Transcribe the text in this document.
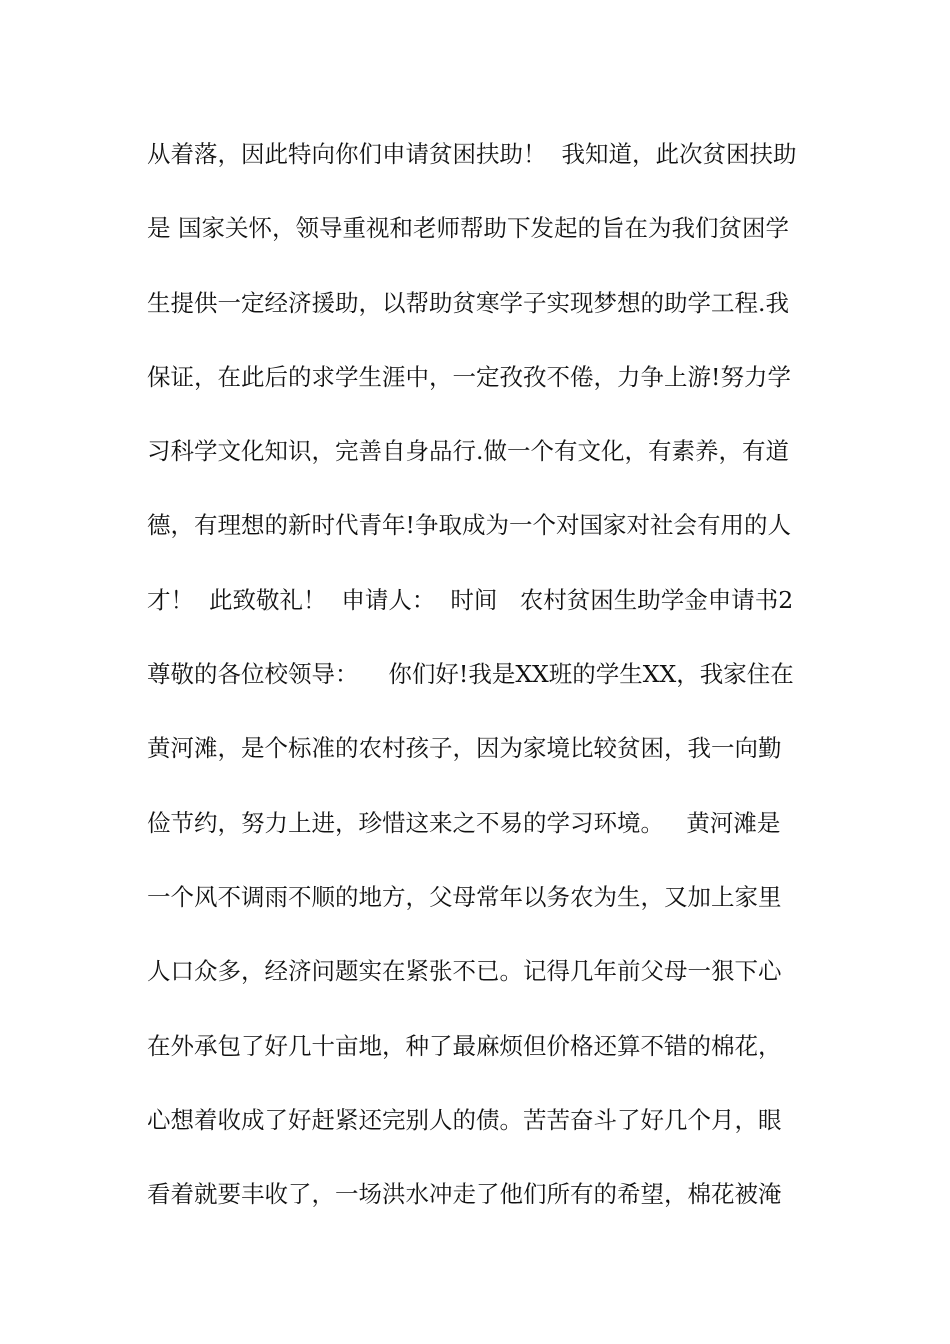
从着落，因此特向你们申请贫困扶助！  我知道，此次贫困扶助
是 国家关怀，领导重视和老师帮助下发起的旨在为我们贫困学
生提供一定经济援助，以帮助贫寒学子实现梦想的助学工程.我
保证，在此后的求学生涯中，一定孜孜不倦，力争上游!努力学
习科学文化知识，完善自身品行.做一个有文化，有素养，有道
德，有理想的新时代青年!争取成为一个对国家对社会有用的人
才！  此致敬礼！  申请人：  时间   农村贫困生助学金申请书2
尊敬的各位校领导：    你们好!我是XX班的学生XX，我家住在
黄河滩，是个标准的农村孩子，因为家境比较贫困，我一向勤
俭节约，努力上进，珍惜这来之不易的学习环境。   黄河滩是
一个风不调雨不顺的地方，父母常年以务农为生，又加上家里
人口众多，经济问题实在紧张不已。记得几年前父母一狠下心
在外承包了好几十亩地，种了最麻烦但价格还算不错的棉花，
心想着收成了好赶紧还完别人的债。苦苦奋斗了好几个月，眼
看着就要丰收了，一场洪水冲走了他们所有的希望，棉花被淹
